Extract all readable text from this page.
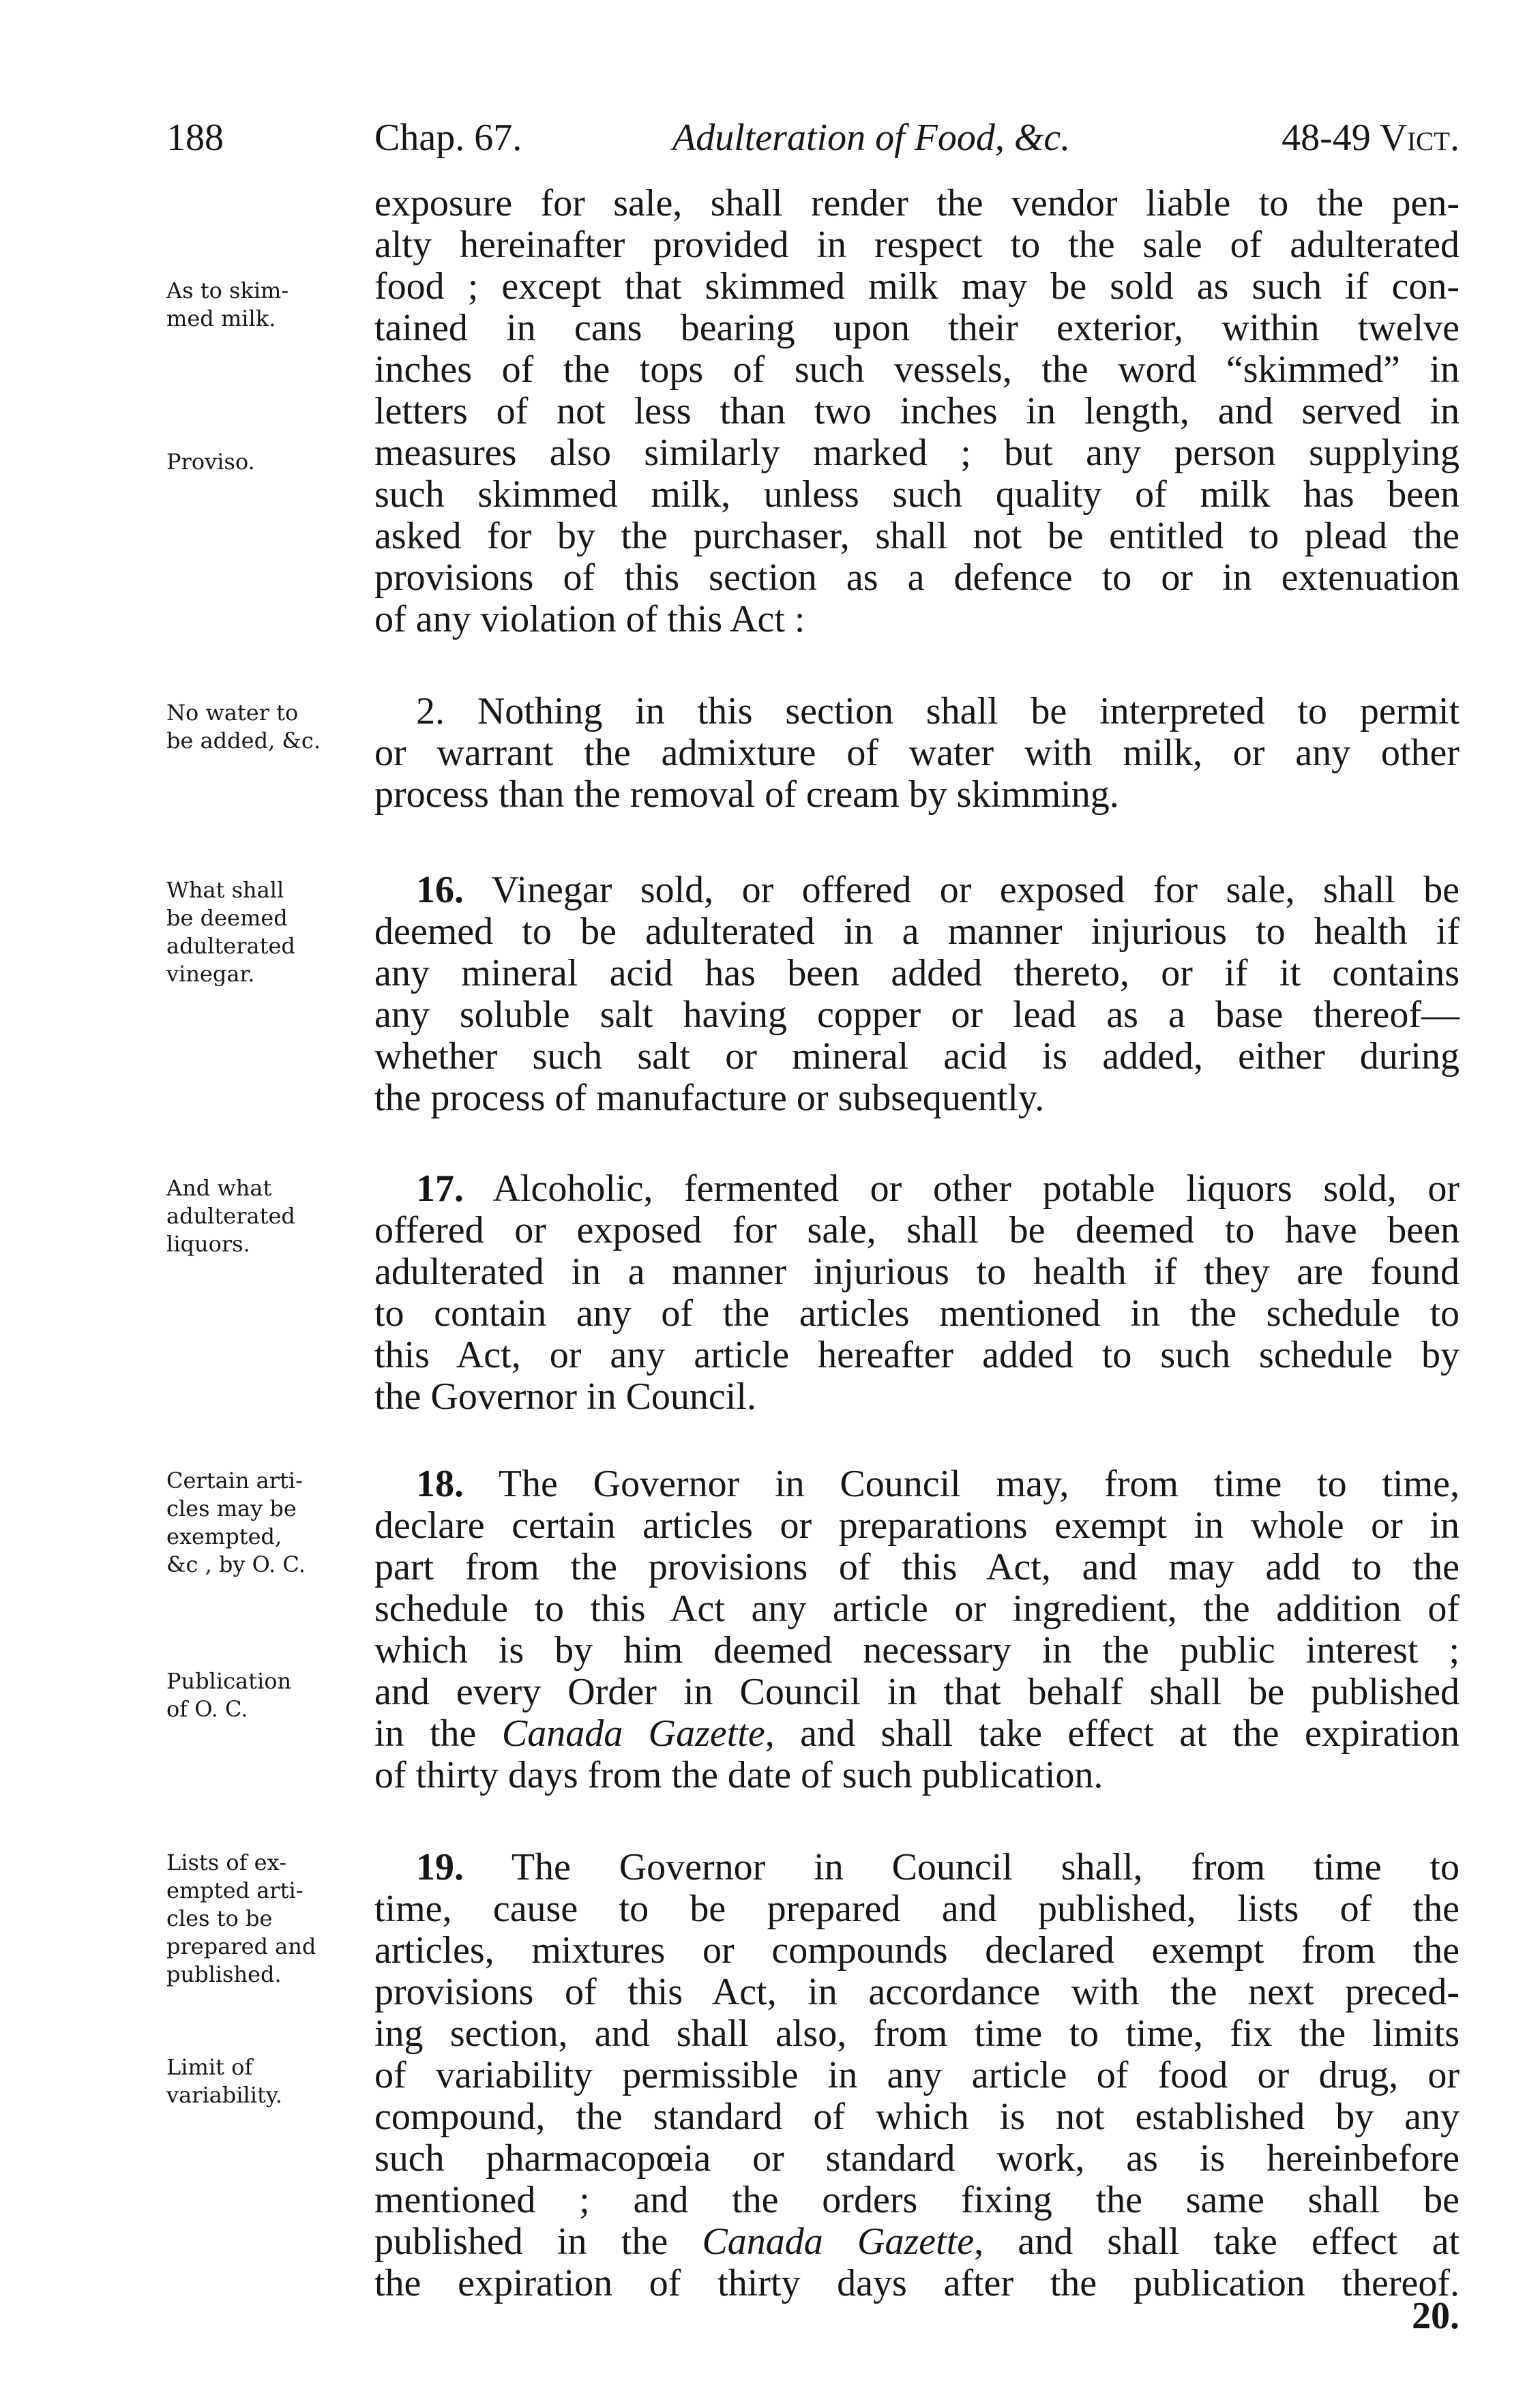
188	Chap. 67.	Adulteration of Food, &c.	48-49 Vict.
As to skim-
med milk.
Proviso.
No water to
be added, &c.
What shall
be deemed
adulterated
vinegar.
And what
adulterated
liquors.
Certain arti-
cles may be
exempted,
&c , by O. C.
Publication
of O. C.
Lists of ex-
empted arti-
cles to be
prepared and
published.
Limit of
variability.
exposure for sale, shall render the vendor liable to the pen-
alty hereinafter provided in respect to the sale of adulterated
food ; except that skimmed milk may be sold as such if con-
tained in cans bearing upon their exterior, within twelve
inches of the tops of such vessels, the word “skimmed” in
letters of not less than two inches in length, and served in
measures also similarly marked ; but any person supplying
such skimmed milk, unless such quality of milk has been
asked for by the purchaser, shall not be entitled to plead the
provisions of this section as a defence to or in extenuation
of any violation of this Act :
2. Nothing in this section shall be interpreted to permit
or warrant the admixture of water with milk, or any other
process than the removal of cream by skimming.
16. Vinegar sold, or offered or exposed for sale, shall be
deemed to be adulterated in a manner injurious to health if
any mineral acid has been added thereto, or if it contains
any soluble salt having copper or lead as a base thereof—
whether such salt or mineral acid is added, either during
the process of manufacture or subsequently.
17. Alcoholic, fermented or other potable liquors sold, or
offered or exposed for sale, shall be deemed to have been
adulterated in a manner injurious to health if they are found
to contain any of the articles mentioned in the schedule to
this Act, or any article hereafter added to such schedule by
the Governor in Council.
18. The Governor in Council may, from time to time,
declare certain articles or preparations exempt in whole or in
part from the provisions of this Act, and may add to the
schedule to this Act any article or ingredient, the addition of
which is by him deemed necessary in the public interest ;
and every Order in Council in that behalf shall be published
in the Canada Gazette, and shall take effect at the expiration
of thirty days from the date of such publication.
19. The Governor in Council shall, from time to
time, cause to be prepared and published, lists of the
articles, mixtures or compounds declared exempt from the
provisions of this Act, in accordance with the next preced-
ing section, and shall also, from time to time, fix the limits
of variability permissible in any article of food or drug, or
compound, the standard of which is not established by any
such pharmacopœia or standard work, as is hereinbefore
mentioned ; and the orders fixing the same shall be
published in the Canada Gazette, and shall take effect at
the expiration of thirty days after the publication thereof.
20.
